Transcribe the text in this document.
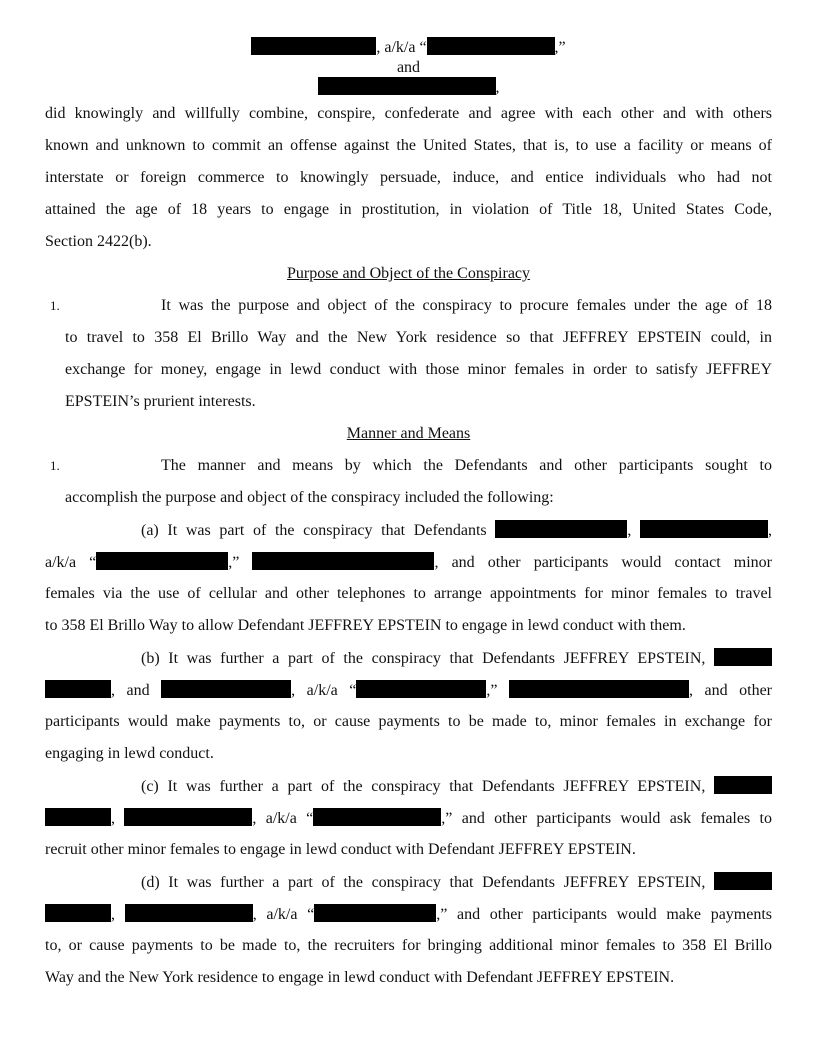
, a/k/a “	,”
and
,
did knowingly and willfully combine, conspire, confederate and agree with each other and with others
known and unknown to commit an offense against the United States, that is, to use a facility or means of
interstate or foreign commerce to knowingly persuade, induce, and entice individuals who had not
attained the age of 18 years to engage in prostitution, in violation of Title 18, United States Code,
Section 2422(b).
Purpose and Object of the Conspiracy
1.	It was the purpose and object of the conspiracy to procure females under the age of 18
to travel to 358 El Brillo Way and the New York residence so that JEFFREY EPSTEIN could, in
exchange for money, engage in lewd conduct with those minor females in order to satisfy JEFFREY
EPSTEIN’s prurient interests.
Manner and Means
1.	The manner and means by which the Defendants and other participants sought to
accomplish the purpose and object of the conspiracy included the following:
(a) It was part of the conspiracy that Defendants	,	,
a/k/a “	,”	, and other participants would contact minor
females via the use of cellular and other telephones to arrange appointments for minor females to travel
to 358 El Brillo Way to allow Defendant JEFFREY EPSTEIN to engage in lewd conduct with them.
(b) It was further a part of the conspiracy that Defendants JEFFREY EPSTEIN,
, and	, a/k/a “	,”	, and other
participants would make payments to, or cause payments to be made to, minor females in exchange for
engaging in lewd conduct.
(c) It was further a part of the conspiracy that Defendants JEFFREY EPSTEIN,
,	, a/k/a “	,” and other participants would ask females to
recruit other minor females to engage in lewd conduct with Defendant JEFFREY EPSTEIN.
(d) It was further a part of the conspiracy that Defendants JEFFREY EPSTEIN,
,	, a/k/a “	,” and other participants would make payments
to, or cause payments to be made to, the recruiters for bringing additional minor females to 358 El Brillo
Way and the New York residence to engage in lewd conduct with Defendant JEFFREY EPSTEIN.
